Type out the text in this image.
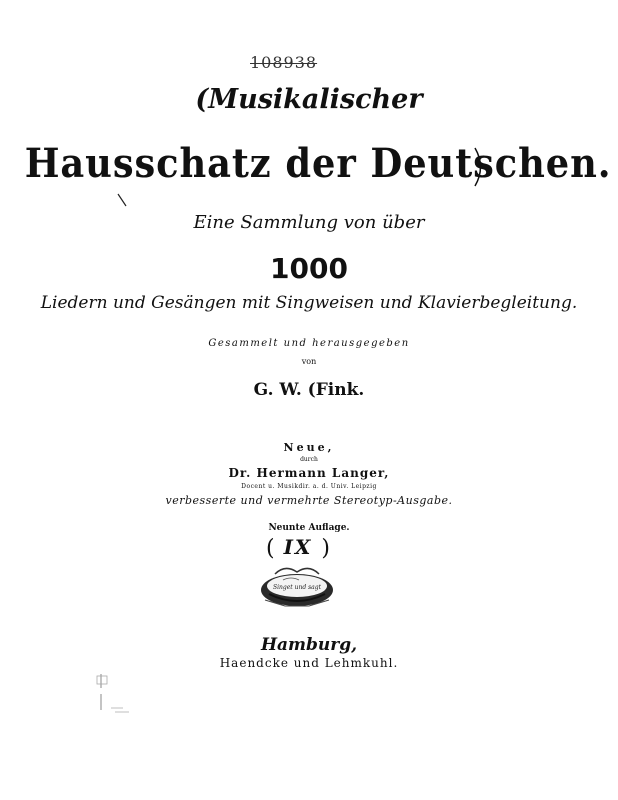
108938
(Musikalischer
Hausschatz der Deutschen.
Eine Sammlung von über
1000
Liedern und Gesängen mit Singweisen und Klavierbegleitung.
Gesammelt und herausgegeben
von
G. W. (Fink.
Neue,
durch
Dr. Hermann Langer,
Docent u. Musikdir. a. d. Univ. Leipzig
verbesserte und vermehrte Stereotyp-Ausgabe.
Neunte Auflage.
( IX )
Singet und sagt
Hamburg,
Haendcke und Lehmkuhl.
